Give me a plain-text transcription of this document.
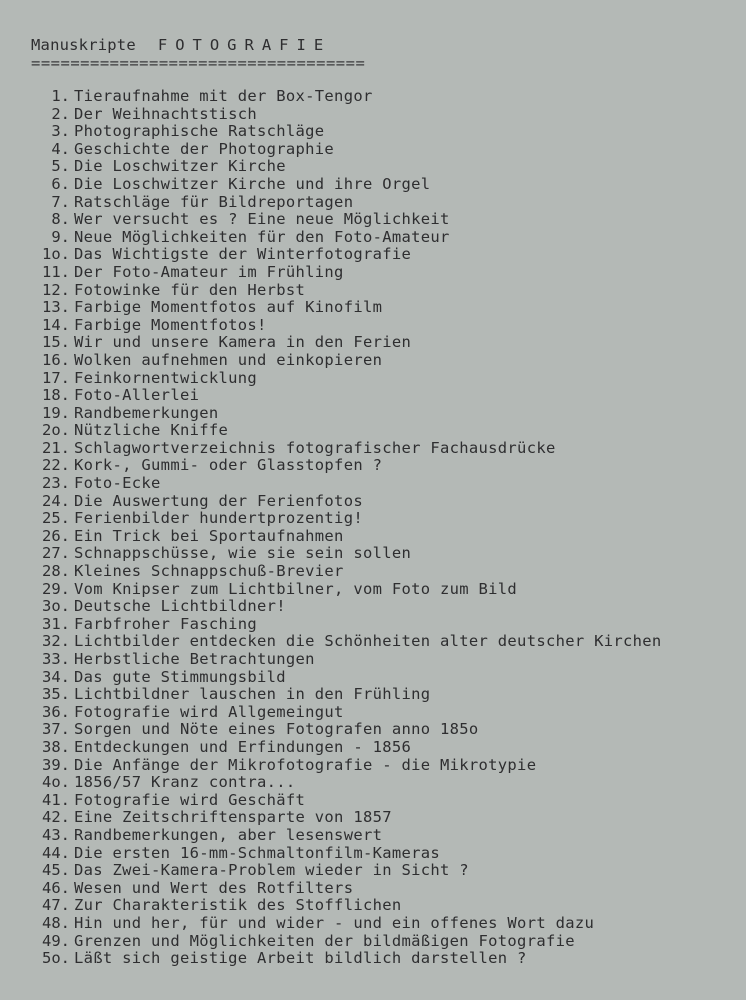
Manuskripte FOTOGRAFIE
==================================
1. Tieraufnahme mit der Box-Tengor
2. Der Weihnachtstisch
3. Photographische Ratschläge
4. Geschichte der Photographie
5. Die Loschwitzer Kirche
6. Die Loschwitzer Kirche und ihre Orgel
7. Ratschläge für Bildreportagen
8. Wer versucht es ? Eine neue Möglichkeit
9. Neue Möglichkeiten für den Foto-Amateur
1o. Das Wichtigste der Winterfotografie
11. Der Foto-Amateur im Frühling
12. Fotowinke für den Herbst
13. Farbige Momentfotos auf Kinofilm
14. Farbige Momentfotos!
15. Wir und unsere Kamera in den Ferien
16. Wolken aufnehmen und einkopieren
17. Feinkornentwicklung
18. Foto-Allerlei
19. Randbemerkungen
2o. Nützliche Kniffe
21. Schlagwortverzeichnis fotografischer Fachausdrücke
22. Kork-, Gummi- oder Glasstopfen ?
23. Foto-Ecke
24. Die Auswertung der Ferienfotos
25. Ferienbilder hundertprozentig!
26. Ein Trick bei Sportaufnahmen
27. Schnappschüsse, wie sie sein sollen
28. Kleines Schnappschuß-Brevier
29. Vom Knipser zum Lichtbilner, vom Foto zum Bild
3o. Deutsche Lichtbildner!
31. Farbfroher Fasching
32. Lichtbilder entdecken die Schönheiten alter deutscher Kirchen
33. Herbstliche Betrachtungen
34. Das gute Stimmungsbild
35. Lichtbildner lauschen in den Frühling
36. Fotografie wird Allgemeingut
37. Sorgen und Nöte eines Fotografen anno 185o
38. Entdeckungen und Erfindungen - 1856
39. Die Anfänge der Mikrofotografie - die Mikrotypie
4o. 1856/57 Kranz contra...
41. Fotografie wird Geschäft
42. Eine Zeitschriftensparte von 1857
43. Randbemerkungen, aber lesenswert
44. Die ersten 16-mm-Schmaltonfilm-Kameras
45. Das Zwei-Kamera-Problem wieder in Sicht ?
46. Wesen und Wert des Rotfilters
47. Zur Charakteristik des Stofflichen
48. Hin und her, für und wider - und ein offenes Wort dazu
49. Grenzen und Möglichkeiten der bildmäßigen Fotografie
5o. Läßt sich geistige Arbeit bildlich darstellen ?
